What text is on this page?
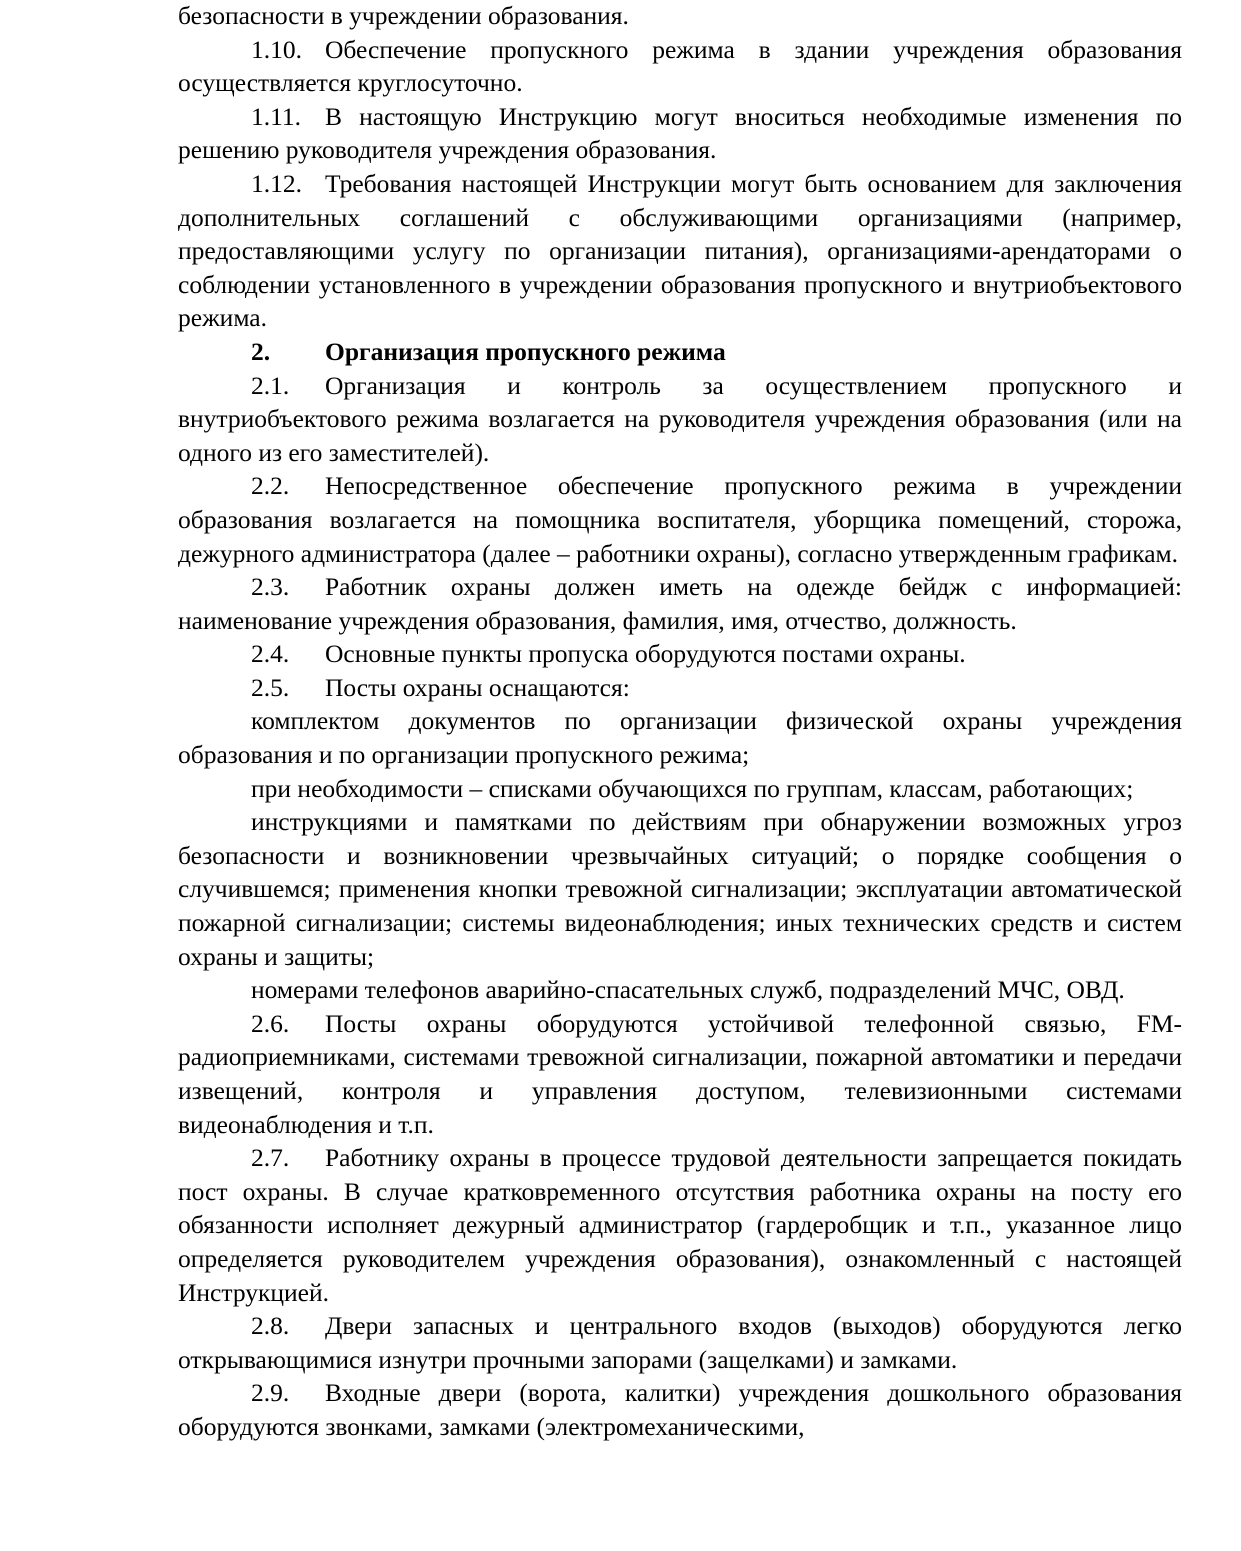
безопасности в учреждении образования.

1.10. Обеспечение пропускного режима в здании учреждения образования осуществляется круглосуточно.

1.11. В настоящую Инструкцию могут вноситься необходимые изменения по решению руководителя учреждения образования.

1.12. Требования настоящей Инструкции могут быть основанием для заключения дополнительных соглашений с обслуживающими организациями (например, предоставляющими услугу по организации питания), организациями-арендаторами о соблюдении установленного в учреждении образования пропускного и внутриобъектового режима.

2. Организация пропускного режима

2.1. Организация и контроль за осуществлением пропускного и внутриобъектового режима возлагается на руководителя учреждения образования (или на одного из его заместителей).

2.2. Непосредственное обеспечение пропускного режима в учреждении образования возлагается на помощника воспитателя, уборщика помещений, сторожа, дежурного администратора (далее – работники охраны), согласно утвержденным графикам.

2.3. Работник охраны должен иметь на одежде бейдж с информацией: наименование учреждения образования, фамилия, имя, отчество, должность.

2.4. Основные пункты пропуска оборудуются постами охраны.

2.5. Посты охраны оснащаются:

комплектом документов по организации физической охраны учреждения образования и по организации пропускного режима;

при необходимости – списками обучающихся по группам, классам, работающих;

инструкциями и памятками по действиям при обнаружении возможных угроз безопасности и возникновении чрезвычайных ситуаций; о порядке сообщения о случившемся; применения кнопки тревожной сигнализации; эксплуатации автоматической пожарной сигнализации; системы видеонаблюдения; иных технических средств и систем охраны и защиты;

номерами телефонов аварийно-спасательных служб, подразделений МЧС, ОВД.

2.6. Посты охраны оборудуются устойчивой телефонной связью, FM-радиоприемниками, системами тревожной сигнализации, пожарной автоматики и передачи извещений, контроля и управления доступом, телевизионными системами видеонаблюдения и т.п.

2.7. Работнику охраны в процессе трудовой деятельности запрещается покидать пост охраны. В случае кратковременного отсутствия работника охраны на посту его обязанности исполняет дежурный администратор (гардеробщик и т.п., указанное лицо определяется руководителем учреждения образования), ознакомленный с настоящей Инструкцией.

2.8. Двери запасных и центрального входов (выходов) оборудуются легко открывающимися изнутри прочными запорами (защелками) и замками.

2.9. Входные двери (ворота, калитки) учреждения дошкольного образования оборудуются звонками, замками (электромеханическими,
